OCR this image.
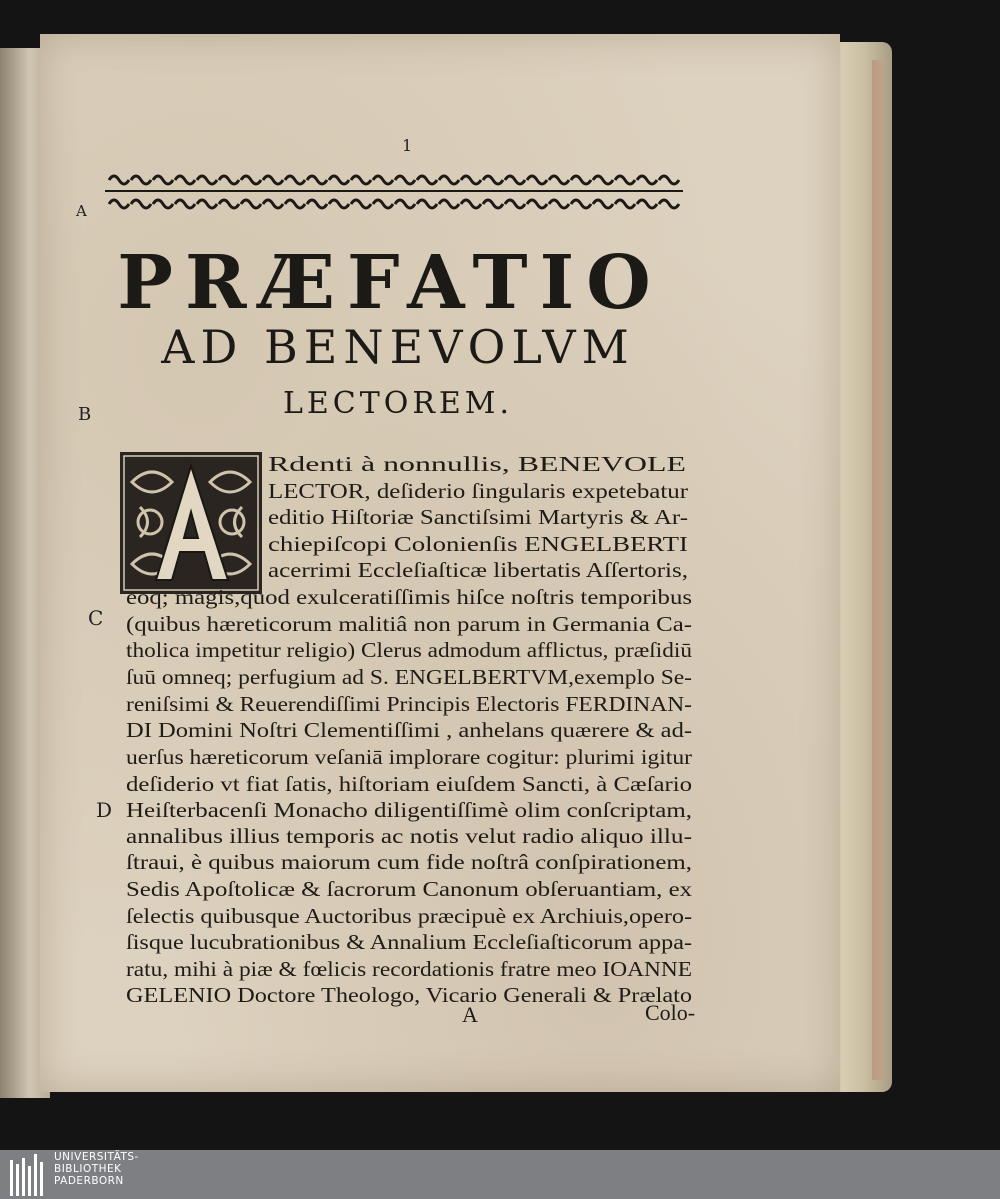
1
A
B
C
D
PRÆFATIO
AD BENEVOLVM
LECTOREM.
Rdenti à nonnullis, BENEVOLE
LECTOR, deſiderio ſingularis expetebatur
editio Hiſtoriæ Sanctiſsimi Martyris & Ar-
chiepiſcopi Colonienſis ENGELBERTI
acerrimi Eccleſiaſticæ libertatis Aſſertoris,
eoq; magis,quod exulceratiſſimis hiſce noſtris temporibus
(quibus hæreticorum malitiâ non parum in Germania Ca-
tholica impetitur religio) Clerus admodum afflictus, præſidiū
ſuū omneq; perfugium ad S. ENGELBERTVM,exemplo Se-
reniſsimi & Reuerendiſſimi Principis Electoris FERDINAN-
DI Domini Noſtri Clementiſſimi , anhelans quærere & ad-
uerſus hæreticorum veſaniā implorare cogitur: plurimi igitur
deſiderio vt fiat ſatis, hiſtoriam eiuſdem Sancti, à Cæſario
Heiſterbacenſi Monacho diligentiſſimè olim conſcriptam,
annalibus illius temporis ac notis velut radio aliquo illu-
ſtraui, è quibus maiorum cum fide noſtrâ conſpirationem,
Sedis Apoſtolicæ & ſacrorum Canonum obſeruantiam, ex
ſelectis quibusque Auctoribus præcipuè ex Archiuis,opero-
ſisque lucubrationibus & Annalium Eccleſiaſticorum appa-
ratu, mihi à piæ & fœlicis recordationis fratre meo IOANNE
GELENIO Doctore Theologo, Vicario Generali & Prælato
A	Colo-
UNIVERSITÄTS-
BIBLIOTHEK
PADERBORN
